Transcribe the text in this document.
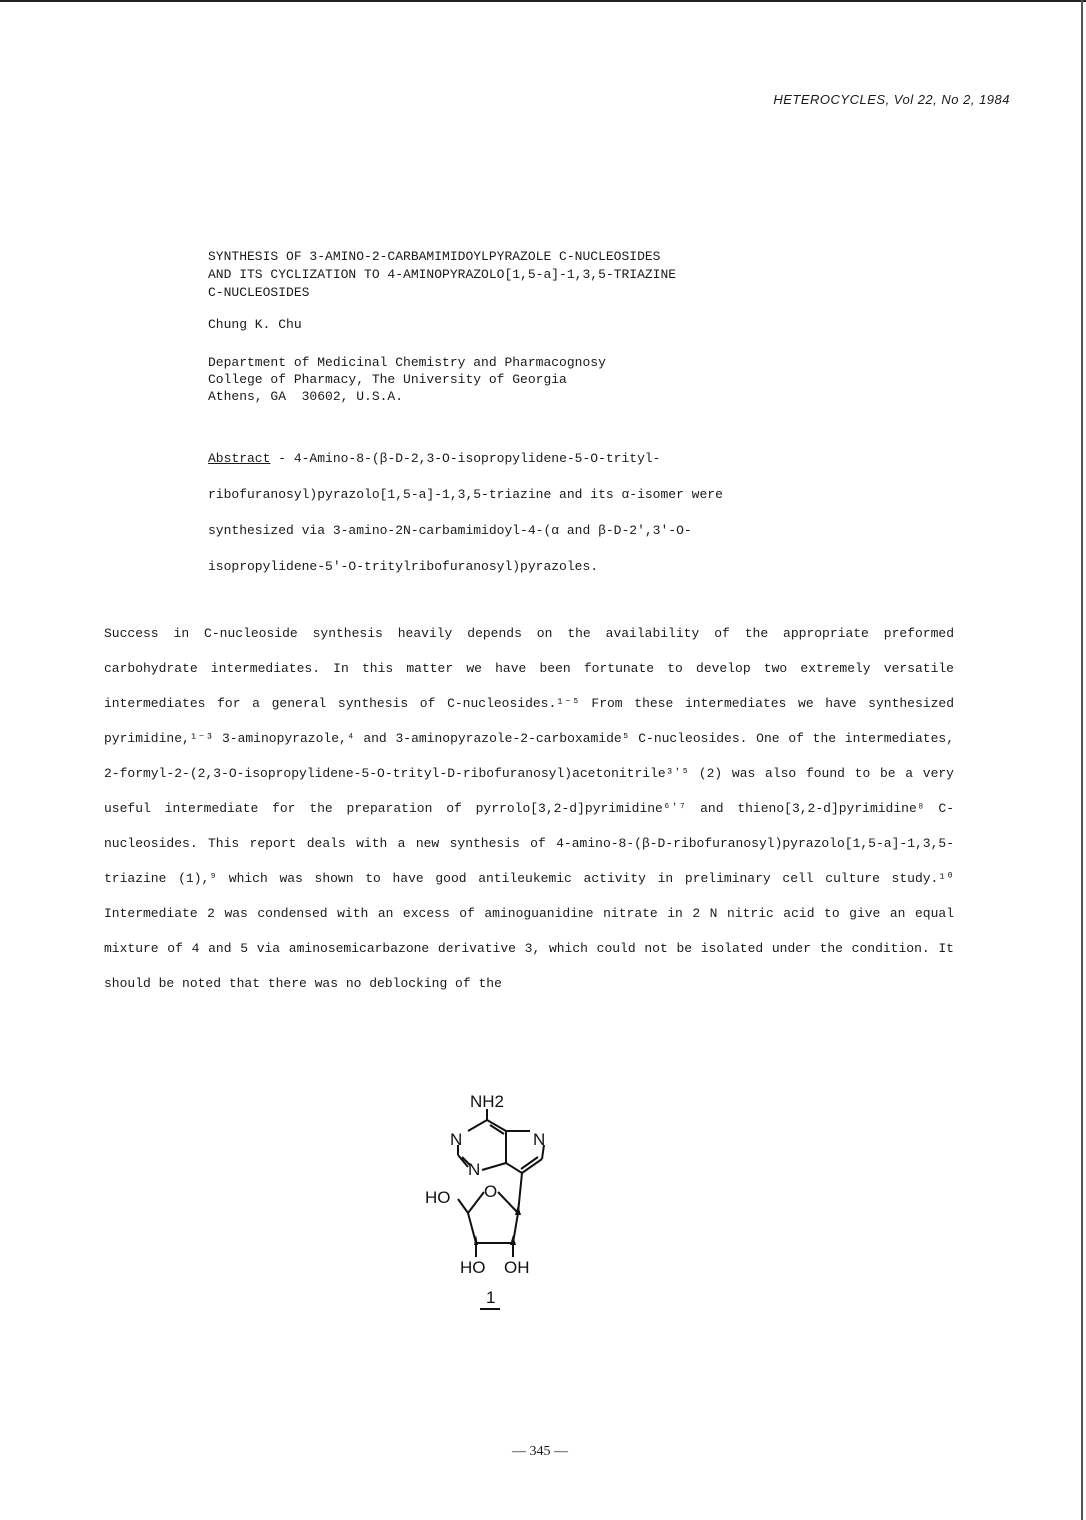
HETEROCYCLES, Vol 22, No 2, 1984
SYNTHESIS OF 3-AMINO-2-CARBAMIMIDOYLPYRAZOLE C-NUCLEOSIDES
AND ITS CYCLIZATION TO 4-AMINOPYRAZOLO[1,5-a]-1,3,5-TRIAZINE
C-NUCLEOSIDES
Chung K. Chu
Department of Medicinal Chemistry and Pharmacognosy
College of Pharmacy, The University of Georgia
Athens, GA  30602, U.S.A.
Abstract - 4-Amino-8-(β-D-2,3-O-isopropylidene-5-O-trityl-ribofuranosyl)pyrazolo[1,5-a]-1,3,5-triazine and its α-isomer were synthesized via 3-amino-2N-carbamimidoyl-4-(α and β-D-2',3'-O-isopropylidene-5'-O-tritylribofuranosyl)pyrazoles.
Success in C-nucleoside synthesis heavily depends on the availability of the appropriate preformed carbohydrate intermediates. In this matter we have been fortunate to develop two extremely versatile intermediates for a general synthesis of C-nucleosides.¹⁻⁵ From these intermediates we have synthesized pyrimidine,¹⁻³ 3-aminopyrazole,⁴ and 3-aminopyrazole-2-carboxamide⁵ C-nucleosides. One of the intermediates, 2-formyl-2-(2,3-O-isopropylidene-5-O-trityl-D-ribofuranosyl)acetonitrile³ʼ⁵ (2) was also found to be a very useful intermediate for the preparation of pyrrolo[3,2-d]pyrimidine⁶ʼ⁷ and thieno[3,2-d]pyrimidine⁸ C-nucleosides. This report deals with a new synthesis of 4-amino-8-(β-D-ribofuranosyl)pyrazolo[1,5-a]-1,3,5-triazine (1),⁹ which was shown to have good antileukemic activity in preliminary cell culture study.¹⁰ Intermediate 2 was condensed with an excess of aminoguanidine nitrate in 2 N nitric acid to give an equal mixture of 4 and 5 via aminosemicarbazone derivative 3, which could not be isolated under the condition. It should be noted that there was no deblocking of the
NH2
N
N
N
O
HO
HO OH
1
— 345 —
